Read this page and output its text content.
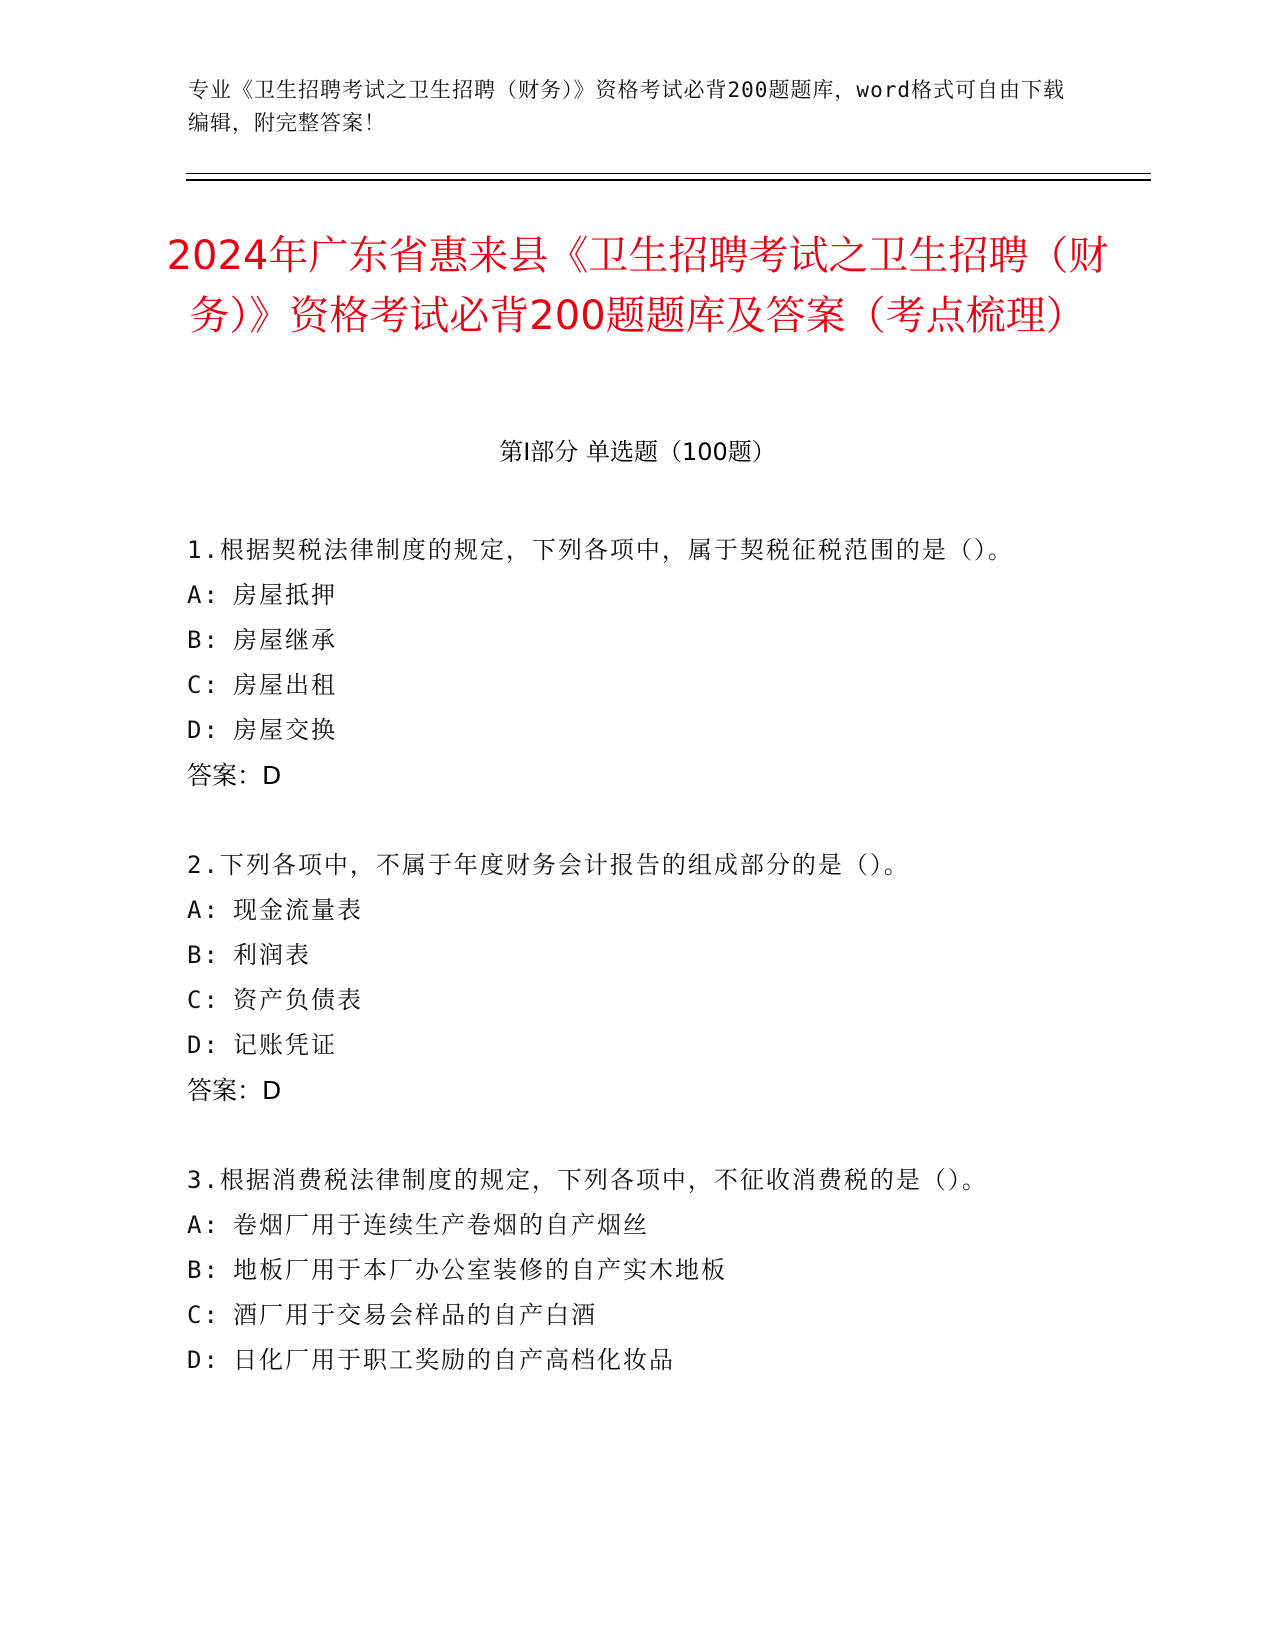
专业《卫生招聘考试之卫生招聘（财务）》资格考试必背200题题库，word格式可自由下载编辑，附完整答案！
2024年广东省惠来县《卫生招聘考试之卫生招聘（财务）》资格考试必背200题题库及答案（考点梳理）
第Ⅰ部分 单选题（100题）
1.根据契税法律制度的规定，下列各项中，属于契税征税范围的是（）。
A: 房屋抵押
B: 房屋继承
C: 房屋出租
D: 房屋交换
答案：D
2.下列各项中，不属于年度财务会计报告的组成部分的是（）。
A: 现金流量表
B: 利润表
C: 资产负债表
D: 记账凭证
答案：D
3.根据消费税法律制度的规定，下列各项中，不征收消费税的是（）。
A: 卷烟厂用于连续生产卷烟的自产烟丝
B: 地板厂用于本厂办公室装修的自产实木地板
C: 酒厂用于交易会样品的自产白酒
D: 日化厂用于职工奖励的自产高档化妆品
